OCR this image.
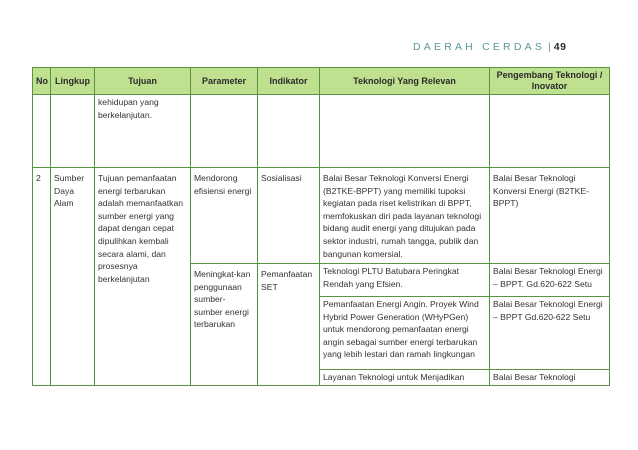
DAERAH CERDAS | 49
No	Lingkup	Tujuan	Parameter	Indikator	Teknologi Yang Relevan	Pengembang Teknologi / Inovator
		kehidupan yang berkelanjutan.				
2	Sumber Daya Alam	Tujuan pemanfaatan energi terbarukan adalah memanfaatkan sumber energi yang dapat dengan cepat dipulihkan kembali secara alami, dan prosesnya berkelanjutan	Mendorong efisiensi energi	Sosialisasi	Balai Besar Teknologi Konversi Energi (B2TKE-BPPT) yang memiliki tupoksi kegiatan pada riset kelistrikan di BPPT, memfokuskan diri pada layanan teknologi bidang audit energi yang ditujukan pada sektor industri, rumah tangga, publik dan bangunan komersial.	Balai Besar Teknologi Konversi Energi (B2TKE-BPPT)
			Meningkat-kan penggunaan sumber-sumber energi terbarukan	Pemanfaatan SET	Teknologi PLTU Batubara Peringkat Rendah yang Efsien.	Balai Besar Teknologi Energi – BPPT. Gd.620-622 Setu
					Pemanfaatan Energi Angin. Proyek Wind Hybrid Power Generation (WHyPGen) untuk mendorong pemanfaatan energi angin sebagai sumber energi terbarukan yang lebih lestari dan ramah lingkungan	Balai Besar Teknologi Energi – BPPT Gd.620-622 Setu
					Layanan Teknologi untuk Menjadikan	Balai Besar Teknologi
